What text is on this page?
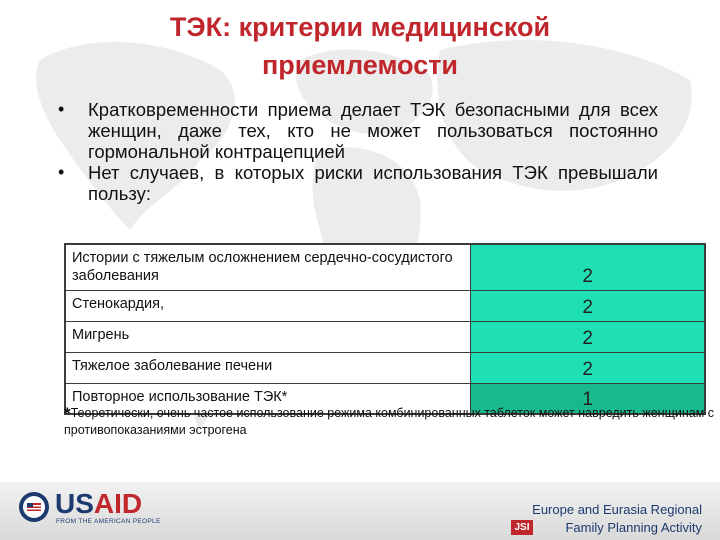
ТЭК: критерии медицинской
приемлемости
• Кратковременности приема делает ТЭК безопасными для всех женщин, даже тех, кто не может пользоваться постоянно гормональной контрацепцией
• Нет случаев, в которых риски использования ТЭК превышали пользу:
Истории с тяжелым осложнением сердечно-сосудистого заболевания	2
Стенокардия,	2
Мигрень	2
Тяжелое заболевание печени	2
Повторное использование ТЭК*	1
*Теоретически, очень частое использование режима комбинированных таблеток может навредить женщинам с противопоказаниями эстрогена
USAID
FROM THE AMERICAN PEOPLE
Europe and Eurasia Regional
JSI	Family Planning Activity
